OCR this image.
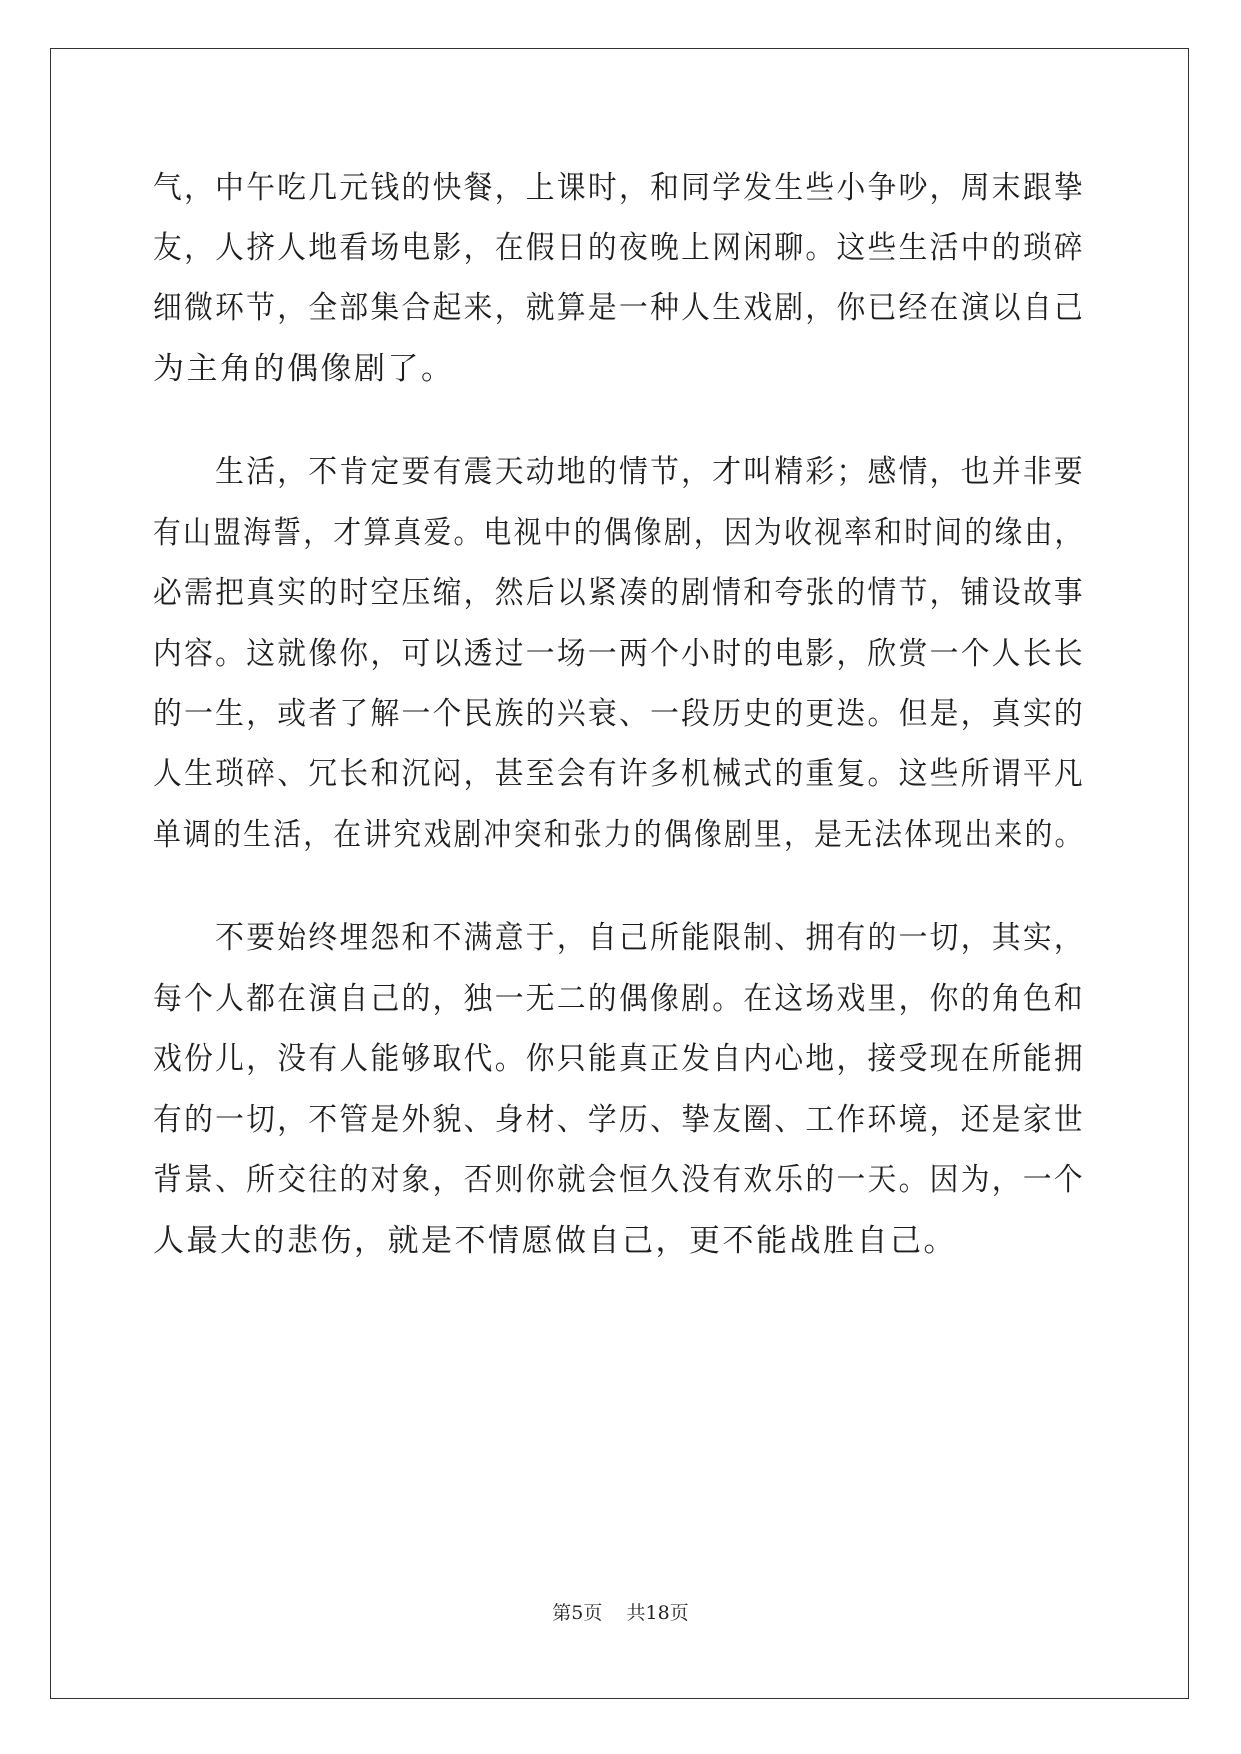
气，中午吃几元钱的快餐，上课时，和同学发生些小争吵，周末跟挚
友，人挤人地看场电影，在假日的夜晚上网闲聊。这些生活中的琐碎
细微环节，全部集合起来，就算是一种人生戏剧，你已经在演以自己
为主角的偶像剧了。
　　生活，不肯定要有震天动地的情节，才叫精彩；感情，也并非要
有山盟海誓，才算真爱。电视中的偶像剧，因为收视率和时间的缘由，
必需把真实的时空压缩，然后以紧凑的剧情和夸张的情节，铺设故事
内容。这就像你，可以透过一场一两个小时的电影，欣赏一个人长长
的一生，或者了解一个民族的兴衰、一段历史的更迭。但是，真实的
人生琐碎、冗长和沉闷，甚至会有许多机械式的重复。这些所谓平凡
单调的生活，在讲究戏剧冲突和张力的偶像剧里，是无法体现出来的。
　　不要始终埋怨和不满意于，自己所能限制、拥有的一切，其实，
每个人都在演自己的，独一无二的偶像剧。在这场戏里，你的角色和
戏份儿，没有人能够取代。你只能真正发自内心地，接受现在所能拥
有的一切，不管是外貌、身材、学历、挚友圈、工作环境，还是家世
背景、所交往的对象，否则你就会恒久没有欢乐的一天。因为，一个
人最大的悲伤，就是不情愿做自己，更不能战胜自己。
第5页 共18页
